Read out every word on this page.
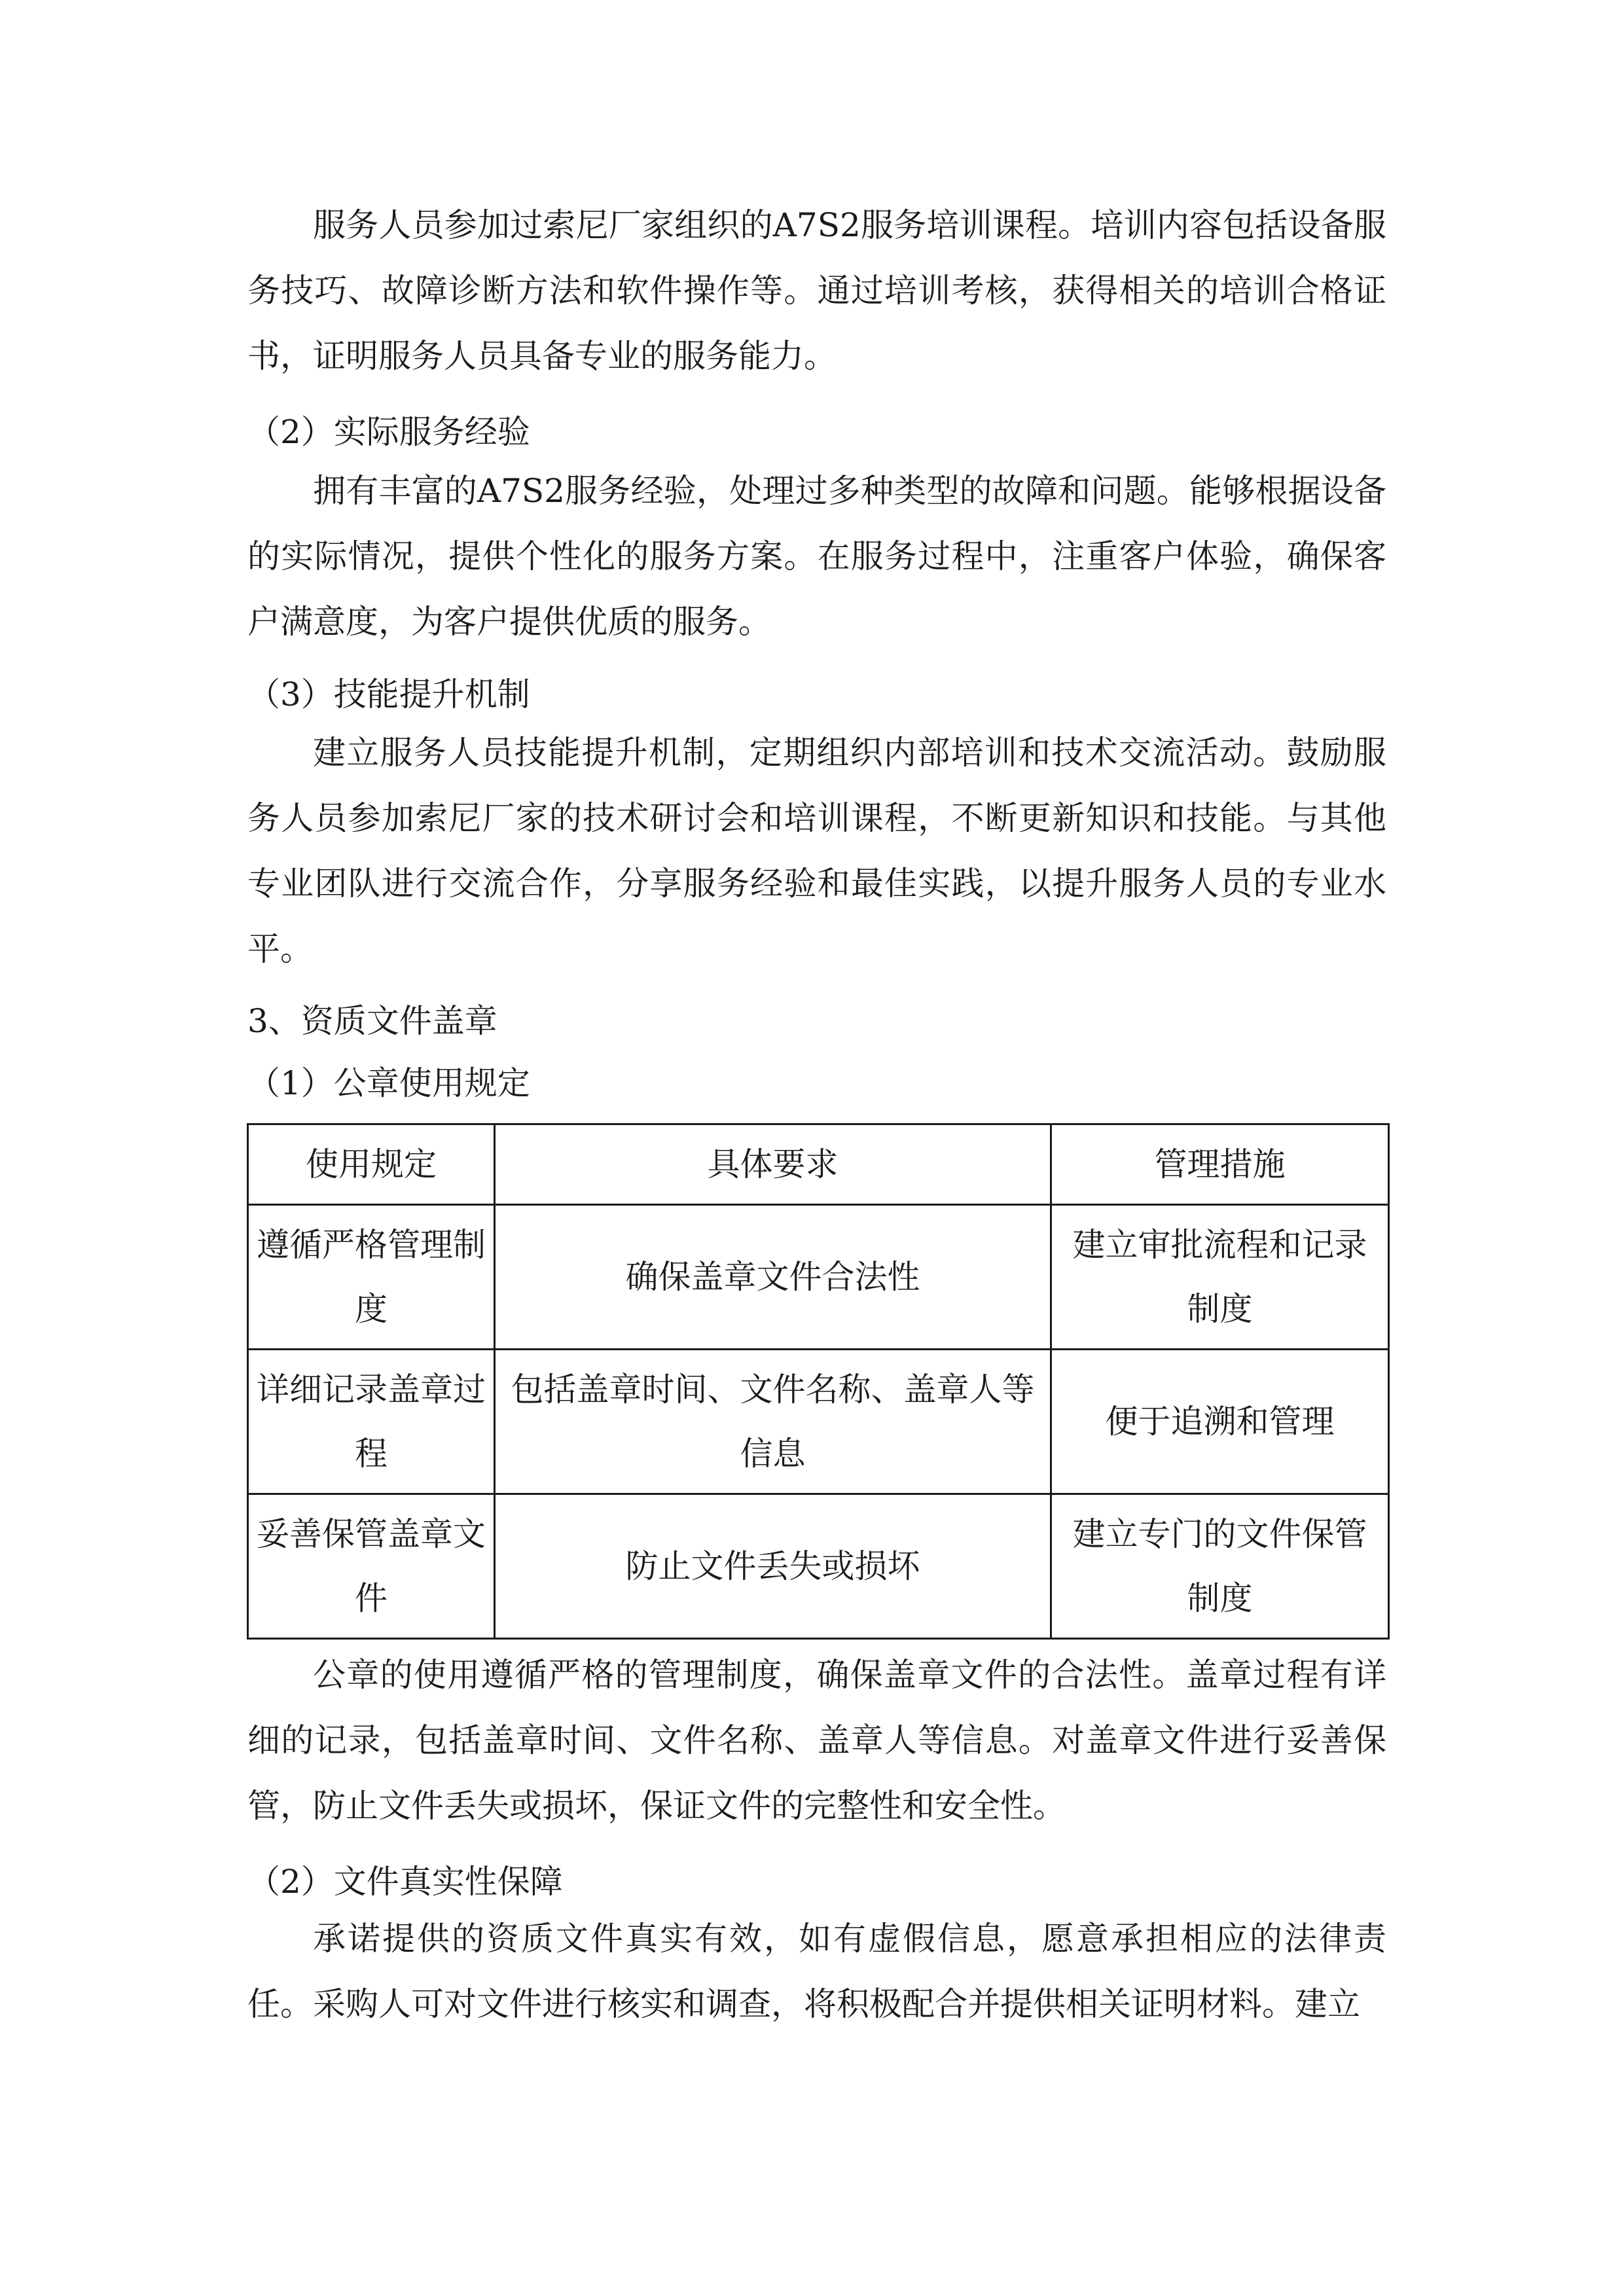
服务人员参加过索尼厂家组织的A7S2服务培训课程。培训内容包括设备服务技巧、故障诊断方法和软件操作等。通过培训考核，获得相关的培训合格证书，证明服务人员具备专业的服务能力。

（2）实际服务经验

拥有丰富的A7S2服务经验，处理过多种类型的故障和问题。能够根据设备的实际情况，提供个性化的服务方案。在服务过程中，注重客户体验，确保客户满意度，为客户提供优质的服务。

（3）技能提升机制

建立服务人员技能提升机制，定期组织内部培训和技术交流活动。鼓励服务人员参加索尼厂家的技术研讨会和培训课程，不断更新知识和技能。与其他专业团队进行交流合作，分享服务经验和最佳实践，以提升服务人员的专业水平。

3、资质文件盖章

（1）公章使用规定

使用规定	具体要求	管理措施
遵循严格管理制度	确保盖章文件合法性	建立审批流程和记录制度
详细记录盖章过程	包括盖章时间、文件名称、盖章人等信息	便于追溯和管理
妥善保管盖章文件	防止文件丢失或损坏	建立专门的文件保管制度

公章的使用遵循严格的管理制度，确保盖章文件的合法性。盖章过程有详细的记录，包括盖章时间、文件名称、盖章人等信息。对盖章文件进行妥善保管，防止文件丢失或损坏，保证文件的完整性和安全性。

（2）文件真实性保障

承诺提供的资质文件真实有效，如有虚假信息，愿意承担相应的法律责任。采购人可对文件进行核实和调查，将积极配合并提供相关证明材料。建立
